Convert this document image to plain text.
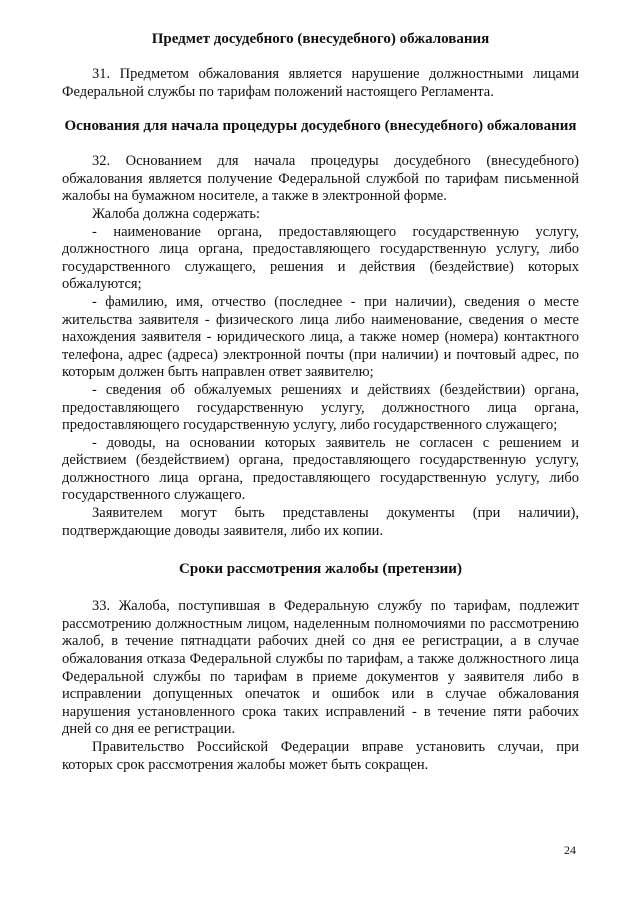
Предмет досудебного (внесудебного) обжалования

31. Предметом обжалования является нарушение должностными лицами Федеральной службы по тарифам положений настоящего Регламента.

Основания для начала процедуры досудебного (внесудебного) обжалования

32. Основанием для начала процедуры досудебного (внесудебного) обжалования является получение Федеральной службой по тарифам письменной жалобы на бумажном носителе, а также в электронной форме.

Жалоба должна содержать:

- наименование органа, предоставляющего государственную услугу, должностного лица органа, предоставляющего государственную услугу, либо государственного служащего, решения и действия (бездействие) которых обжалуются;

- фамилию, имя, отчество (последнее - при наличии), сведения о месте жительства заявителя - физического лица либо наименование, сведения о месте нахождения заявителя - юридического лица, а также номер (номера) контактного телефона, адрес (адреса) электронной почты (при наличии) и почтовый адрес, по которым должен быть направлен ответ заявителю;

- сведения об обжалуемых решениях и действиях (бездействии) органа, предоставляющего государственную услугу, должностного лица органа, предоставляющего государственную услугу, либо государственного служащего;

- доводы, на основании которых заявитель не согласен с решением и действием (бездействием) органа, предоставляющего государственную услугу, должностного лица органа, предоставляющего государственную услугу, либо государственного служащего.

Заявителем могут быть представлены документы (при наличии), подтверждающие доводы заявителя, либо их копии.

Сроки рассмотрения жалобы (претензии)

33. Жалоба, поступившая в Федеральную службу по тарифам, подлежит рассмотрению должностным лицом, наделенным полномочиями по рассмотрению жалоб, в течение пятнадцати рабочих дней со дня ее регистрации, а в случае обжалования отказа Федеральной службы по тарифам, а также должностного лица Федеральной службы по тарифам в приеме документов у заявителя либо в исправлении допущенных опечаток и ошибок или в случае обжалования нарушения установленного срока таких исправлений - в течение пяти рабочих дней со дня ее регистрации.

Правительство Российской Федерации вправе установить случаи, при которых срок рассмотрения жалобы может быть сокращен.

24
